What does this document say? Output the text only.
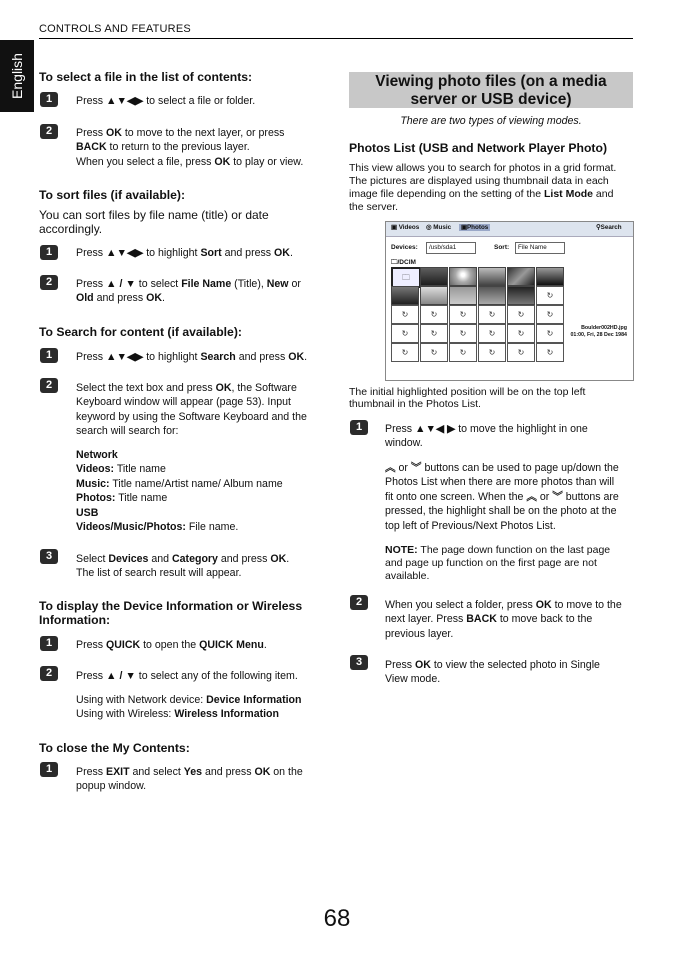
CONTROLS AND FEATURES
English To select a file in the list of contents:
1	Press ▲▼◀▶ to select a file or folder.
2	Press OK to move to the next layer, or press
BACK to return to the previous layer.
When you select a file, press OK to play or view.
To sort files (if available):
You can sort files by file name (title) or date accordingly.
1	Press ▲▼◀▶ to highlight Sort and press OK.
2	Press ▲ / ▼ to select File Name (Title), New or
Old and press OK.
To Search for content (if available):
1	Press ▲▼◀▶ to highlight Search and press OK.
2	Select the text box and press OK, the Software
Keyboard window will appear (page 53). Input
keyword by using the Software Keyboard and the
search will search for:
Network
Videos: Title name
Music: Title name/Artist name/ Album name
Photos: Title name
USB
Videos/Music/Photos: File name.
3	Select Devices and Category and press OK.
The list of search result will appear.
To display the Device Information or Wireless
Information:
1	Press QUICK to open the QUICK Menu.
2	Press ▲ / ▼ to select any of the following item.
Using with Network device: Device Information
Using with Wireless: Wireless Information
To close the My Contents:
1	Press EXIT and select Yes and press OK on the
popup window.
Viewing photo files (on a media
server or USB device)
There are two types of viewing modes.
Photos List (USB and Network Player Photo)
This view allows you to search for photos in a grid format.
The pictures are displayed using thumbnail data in each
image file depending on the setting of the List Mode and
the server.
▣ Videos ◎ Music	▣Photos	⚲Search
Devices:	/usb/sda1	Sort:	File Name
🗀/DCIM
🗀
↻
↻	↻	↻	↻	↻	↻
↻	↻	↻	↻	↻	↻
↻	↻	↻	↻	↻	↻
Boulder002HD.jpg
01:00, Fri, 28 Dec 1984
The initial highlighted position will be on the top left
thumbnail in the Photos List.
1	Press ▲▼◀ ▶ to move the highlight in one
window.
︽ or ︾ buttons can be used to page up/down the
Photos List when there are more photos than will
fit onto one screen. When the ︽ or ︾ buttons are
pressed, the highlight shall be on the photo at the
top left of Previous/Next Photos List.
NOTE: The page down function on the last page
and page up function on the first page are not
available.
2	When you select a folder, press OK to move to the
next layer. Press BACK to move back to the
previous layer.
3	Press OK to view the selected photo in Single
View mode.
68
